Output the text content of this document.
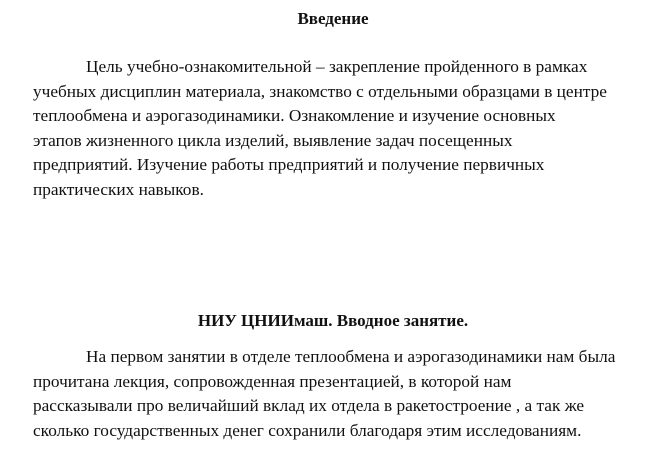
Введение

Цель учебно-ознакомительной – закрепление пройденного в рамках
учебных дисциплин материала, знакомство с отдельными образцами в центре
теплообмена и аэрогазодинамики. Ознакомление и изучение основных
этапов жизненного цикла изделий, выявление задач посещенных
предприятий. Изучение работы предприятий и получение первичных
практических навыков.

НИУ ЦНИИмаш. Вводное занятие.

На первом занятии в отделе теплообмена и аэрогазодинамики нам была
прочитана лекция, сопровожденная презентацией, в которой нам
рассказывали про величайший вклад их отдела в ракетостроение , а так же
сколько государственных денег сохранили благодаря этим исследованиям.
